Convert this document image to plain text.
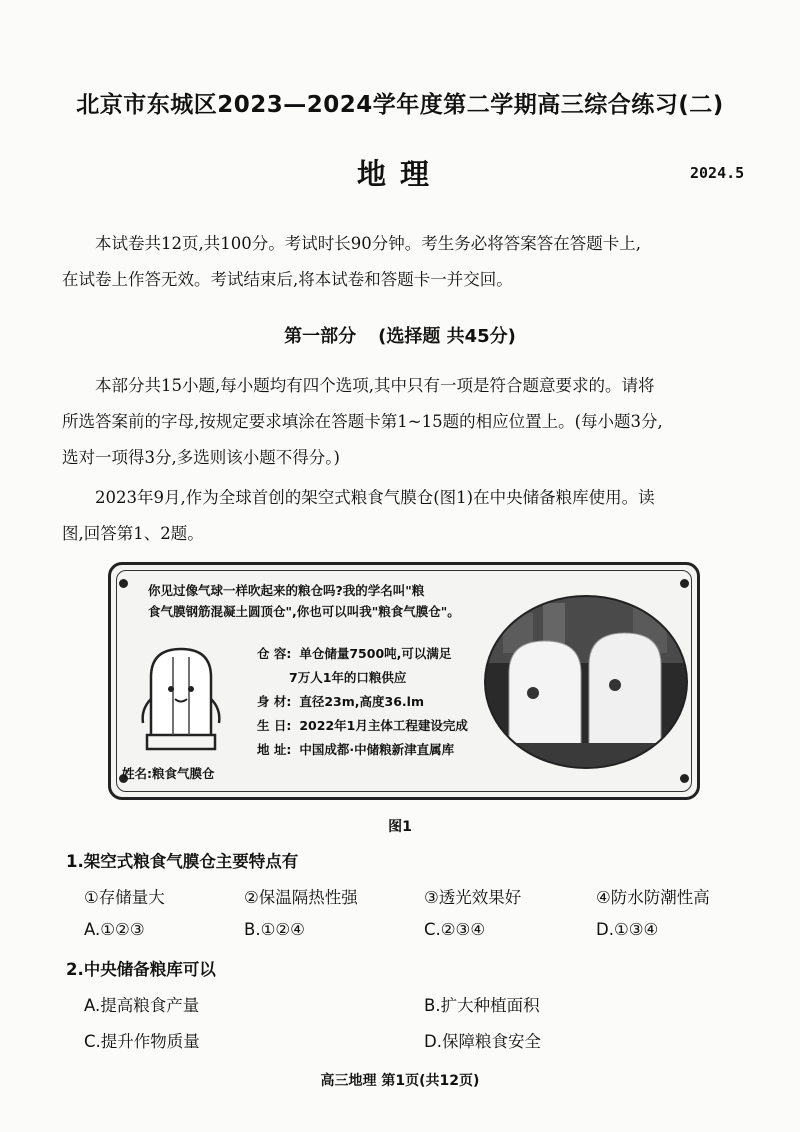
北京市东城区2023—2024学年度第二学期高三综合练习(二)
地理	2024.5
本试卷共12页,共100分。考试时长90分钟。考生务必将答案答在答题卡上,
在试卷上作答无效。考试结束后,将本试卷和答题卡一并交回。
第一部分 (选择题 共45分)
本部分共15小题,每小题均有四个选项,其中只有一项是符合题意要求的。请将
所选答案前的字母,按规定要求填涂在答题卡第1~15题的相应位置上。(每小题3分,
选对一项得3分,多选则该小题不得分。)
2023年9月,作为全球首创的架空式粮食气膜仓(图1)在中央储备粮库使用。读
图,回答第1、2题。
你见过像气球一样吹起来的粮仓吗?我的学名叫"粮
食气膜钢筋混凝土圆顶仓",你也可以叫我"粮食气膜仓"。
仓 容: 单仓储量7500吨,可以满足
7万人1年的口粮供应
身 材: 直径23m,高度36.lm
生 日: 2022年1月主体工程建设完成
地 址: 中国成都·中储粮新津直属库
姓名:粮食气膜仓
图1
1.架空式粮食气膜仓主要特点有
①存储量大	②保温隔热性强	③透光效果好	④防水防潮性高
A.①②③	B.①②④	C.②③④	D.①③④
2.中央储备粮库可以
A.提高粮食产量	B.扩大种植面积
C.提升作物质量	D.保障粮食安全
高三地理 第1页(共12页)
